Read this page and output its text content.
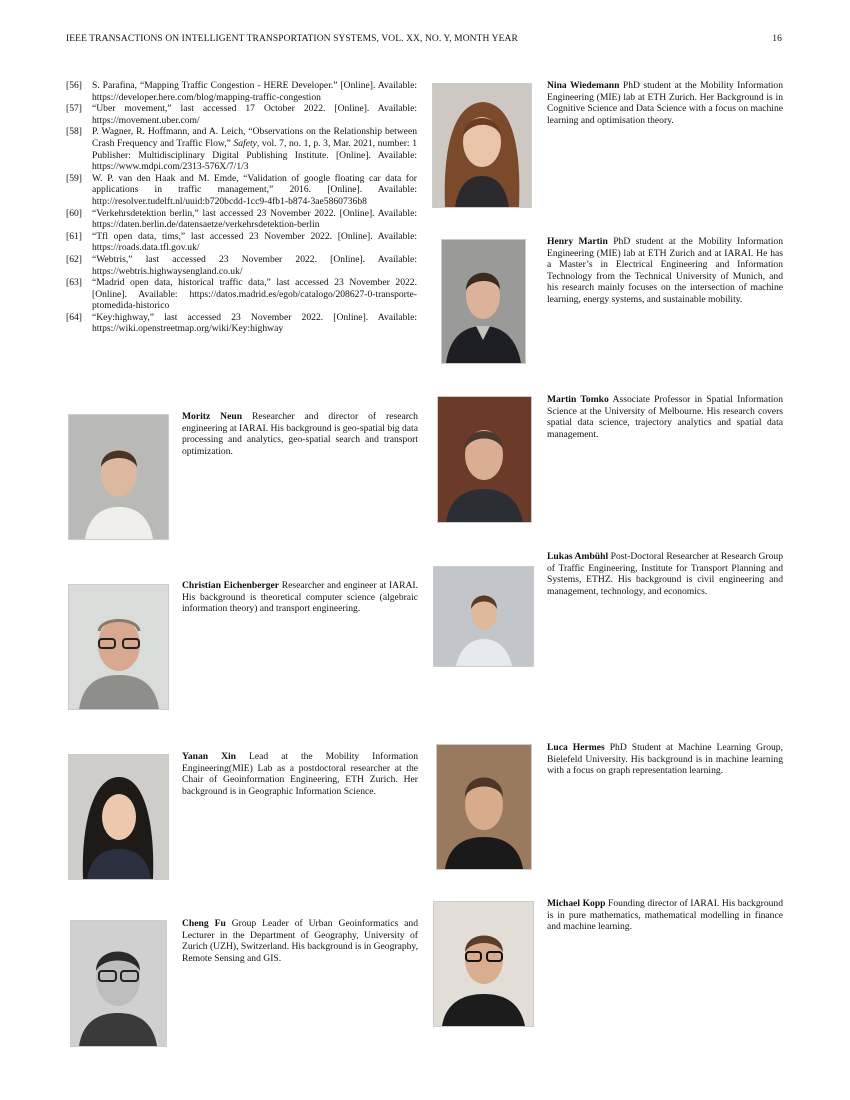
IEEE TRANSACTIONS ON INTELLIGENT TRANSPORTATION SYSTEMS, VOL. XX, NO. Y, MONTH YEAR	16
[56]	S. Parafina, “Mapping Traffic Congestion - HERE Developer.” [Online]. Available: https://developer.here.com/blog/mapping-traffic-congestion
[57]	“Uber movement,” last accessed 17 October 2022. [Online]. Available: https://movement.uber.com/
[58]	P. Wagner, R. Hoffmann, and A. Leich, “Observations on the Relationship between Crash Frequency and Traffic Flow,” Safety, vol. 7, no. 1, p. 3, Mar. 2021, number: 1 Publisher: Multidisciplinary Digital Publishing Institute. [Online]. Available: https://www.mdpi.com/2313-576X/7/1/3
[59]	W. P. van den Haak and M. Emde, “Validation of google floating car data for applications in traffic management,” 2016. [Online]. Available: http://resolver.tudelft.nl/uuid:b720bcdd-1cc9-4fb1-b874-3ae5860736b8
[60]	“Verkehrsdetektion berlin,” last accessed 23 November 2022. [Online]. Available: https://daten.berlin.de/datensaetze/verkehrsdetektion-berlin
[61]	“Tfl open data, tims,” last accessed 23 November 2022. [Online]. Available: https://roads.data.tfl.gov.uk/
[62]	“Webtris,” last accessed 23 November 2022. [Online]. Available: https://webtris.highwaysengland.co.uk/
[63]	“Madrid open data, historical traffic data,” last accessed 23 November 2022. [Online]. Available: https://datos.madrid.es/egob/catalogo/208627-0-transporte-ptomedida-historico
[64]	“Key:highway,” last accessed 23 November 2022. [Online]. Available: https://wiki.openstreetmap.org/wiki/Key:highway
Nina Wiedemann PhD student at the Mobility Information Engineering (MIE) lab at ETH Zurich. Her Background is in Cognitive Science and Data Science with a focus on machine learning and optimisation theory.
Henry Martin PhD student at the Mobility Information Engineering (MIE) lab at ETH Zurich and at IARAI. He has a Master’s in Electrical Engineering and Information Technology from the Technical University of Munich, and his research mainly focuses on the intersection of machine learning, energy systems, and sustainable mobility.
Moritz Neun Researcher and director of research engineering at IARAI. His background is geo-spatial big data processing and analytics, geo-spatial search and transport optimization.
Martin Tomko Associate Professor in Spatial Information Science at the University of Melbourne. His research covers spatial data science, trajectory analytics and spatial data management.
Lukas Ambühl Post-Doctoral Researcher at Research Group of Traffic Engineering, Institute for Transport Planning and Systems, ETHZ. His background is civil engineering and management, technology, and economics.
Christian Eichenberger Researcher and engineer at IARAI. His background is theoretical computer science (algebraic information theory) and transport engineering.
Yanan Xin Lead at the Mobility Information Engineering(MIE) Lab as a postdoctoral researcher at the Chair of Geoinformation Engineering, ETH Zurich. Her background is in Geographic Information Science.
Luca Hermes PhD Student at Machine Learning Group, Bielefeld University. His background is in machine learning with a focus on graph representation learning.
Cheng Fu Group Leader of Urban Geoinformatics and Lecturer in the Department of Geography, University of Zurich (UZH), Switzerland. His background is in Geography, Remote Sensing and GIS.
Michael Kopp Founding director of IARAI. His background is in pure mathematics, mathematical modelling in finance and machine learning.
